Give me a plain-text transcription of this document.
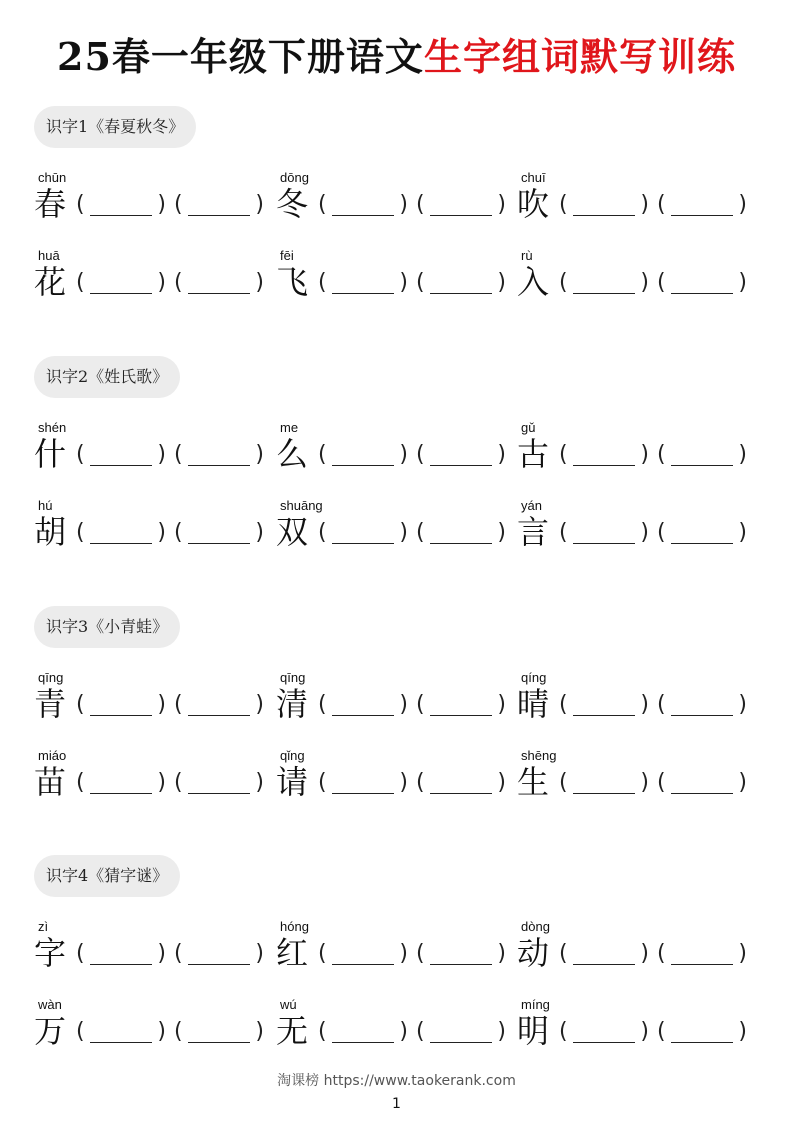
25春一年级下册语文生字组词默写训练
识字1《春夏秋冬》
chūn
春 (	) (	)
dōng
冬 (	) (	)
chuī
吹 (	) (	)
huā
花 (	) (	)
fēi
飞 (	) (	)
rù
入 (	) (	)
识字2《姓氏歌》
shén
什 (	) (	)
me
么 (	) (	)
gǔ
古 (	) (	)
hú
胡 (	) (	)
shuāng
双 (	) (	)
yán
言 (	) (	)
识字3《小青蛙》
qīng
青 (	) (	)
qīng
清 (	) (	)
qíng
晴 (	) (	)
miáo
苗 (	) (	)
qǐng
请 (	) (	)
shēng
生 (	) (	)
识字4《猜字谜》
zì
字 (	) (	)
hóng
红 (	) (	)
dòng
动 (	) (	)
wàn
万 (	) (	)
wú
无 (	) (	)
míng
明 (	) (	)
淘课榜 https://www.taokerank.com
1
